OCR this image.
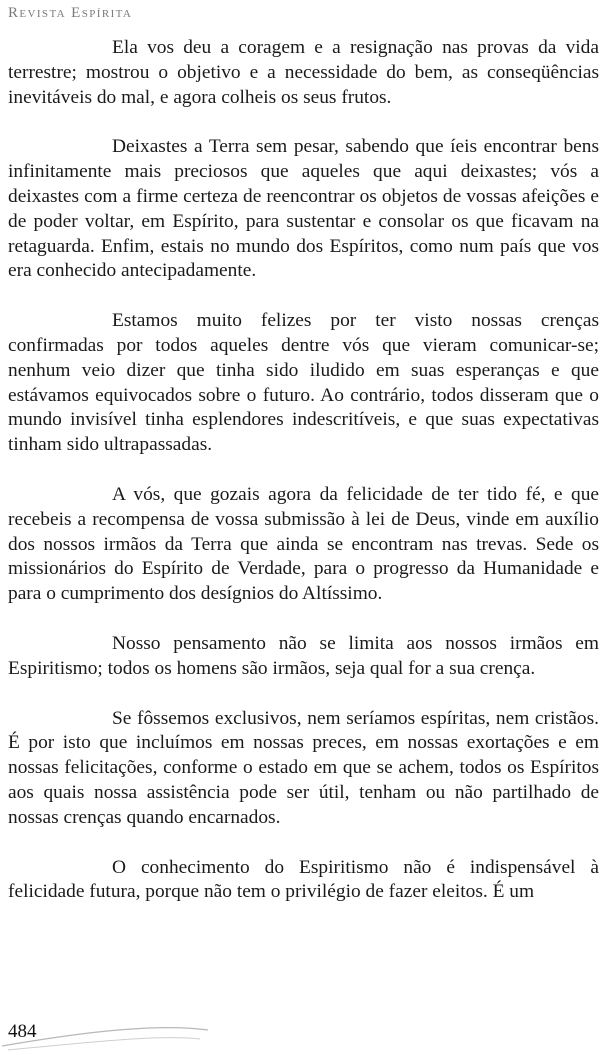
Revista Espírita

Ela vos deu a coragem e a resignação nas provas da vida terrestre; mostrou o objetivo e a necessidade do bem, as conseqüências inevitáveis do mal, e agora colheis os seus frutos.

Deixastes a Terra sem pesar, sabendo que íeis encontrar bens infinitamente mais preciosos que aqueles que aqui deixastes; vós a deixastes com a firme certeza de reencontrar os objetos de vossas afeições e de poder voltar, em Espírito, para sustentar e consolar os que ficavam na retaguarda. Enfim, estais no mundo dos Espíritos, como num país que vos era conhecido antecipadamente.

Estamos muito felizes por ter visto nossas crenças confirmadas por todos aqueles dentre vós que vieram comunicar-se; nenhum veio dizer que tinha sido iludido em suas esperanças e que estávamos equivocados sobre o futuro. Ao contrário, todos disseram que o mundo invisível tinha esplendores indescritíveis, e que suas expectativas tinham sido ultrapassadas.

A vós, que gozais agora da felicidade de ter tido fé, e que recebeis a recompensa de vossa submissão à lei de Deus, vinde em auxílio dos nossos irmãos da Terra que ainda se encontram nas trevas. Sede os missionários do Espírito de Verdade, para o progresso da Humanidade e para o cumprimento dos desígnios do Altíssimo.

Nosso pensamento não se limita aos nossos irmãos em Espiritismo; todos os homens são irmãos, seja qual for a sua crença.

Se fôssemos exclusivos, nem seríamos espíritas, nem cristãos. É por isto que incluímos em nossas preces, em nossas exortações e em nossas felicitações, conforme o estado em que se achem, todos os Espíritos aos quais nossa assistência pode ser útil, tenham ou não partilhado de nossas crenças quando encarnados.

O conhecimento do Espiritismo não é indispensável à felicidade futura, porque não tem o privilégio de fazer eleitos. É um

484
